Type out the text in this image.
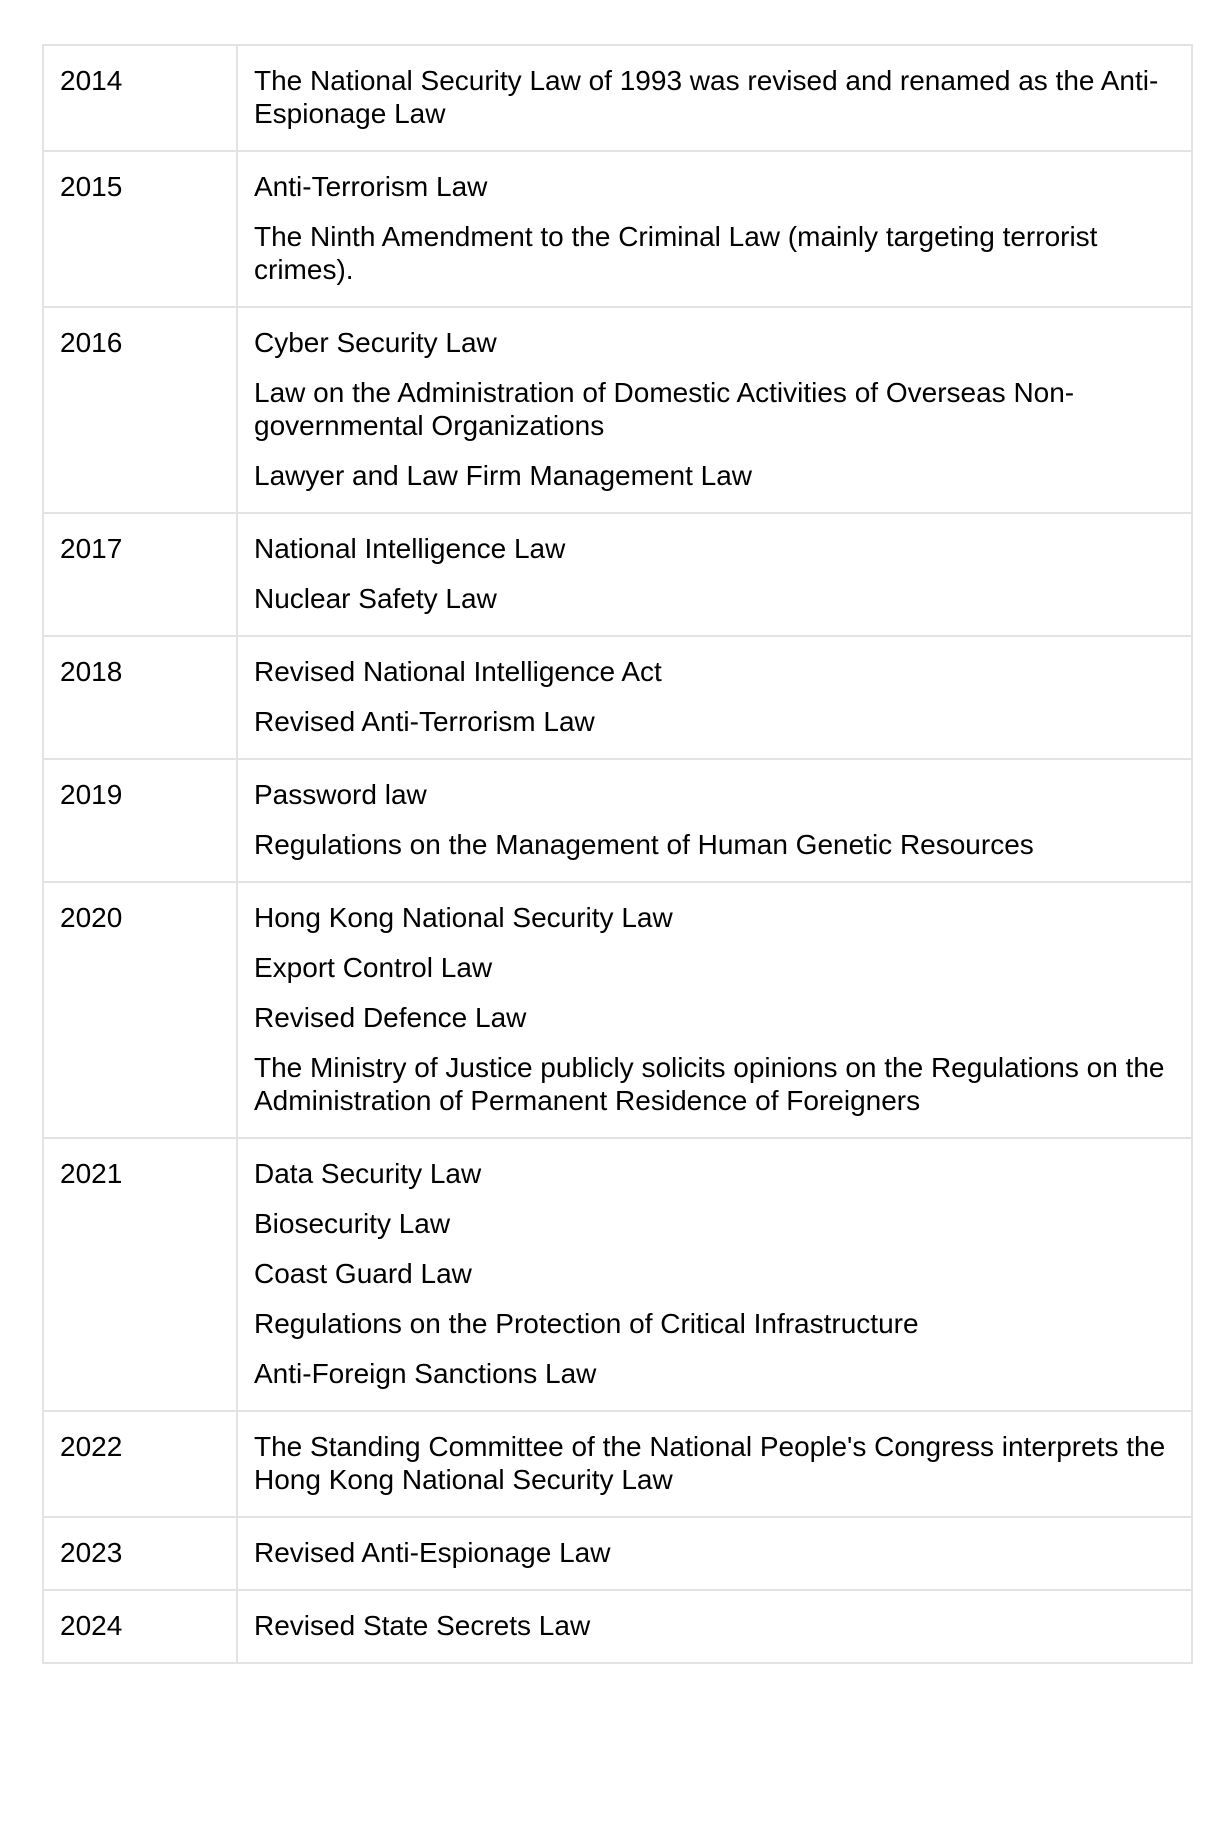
2014	The National Security Law of 1993 was revised and renamed as the Anti-Espionage Law

2015	Anti-Terrorism Law
The Ninth Amendment to the Criminal Law (mainly targeting terrorist crimes).

2016	Cyber Security Law
Law on the Administration of Domestic Activities of Overseas Non-governmental Organizations
Lawyer and Law Firm Management Law

2017	National Intelligence Law
Nuclear Safety Law

2018	Revised National Intelligence Act
Revised Anti-Terrorism Law

2019	Password law
Regulations on the Management of Human Genetic Resources

2020	Hong Kong National Security Law
Export Control Law
Revised Defence Law
The Ministry of Justice publicly solicits opinions on the Regulations on the Administration of Permanent Residence of Foreigners

2021	Data Security Law
Biosecurity Law
Coast Guard Law
Regulations on the Protection of Critical Infrastructure
Anti-Foreign Sanctions Law

2022	The Standing Committee of the National People's Congress interprets the Hong Kong National Security Law

2023	Revised Anti-Espionage Law

2024	Revised State Secrets Law
